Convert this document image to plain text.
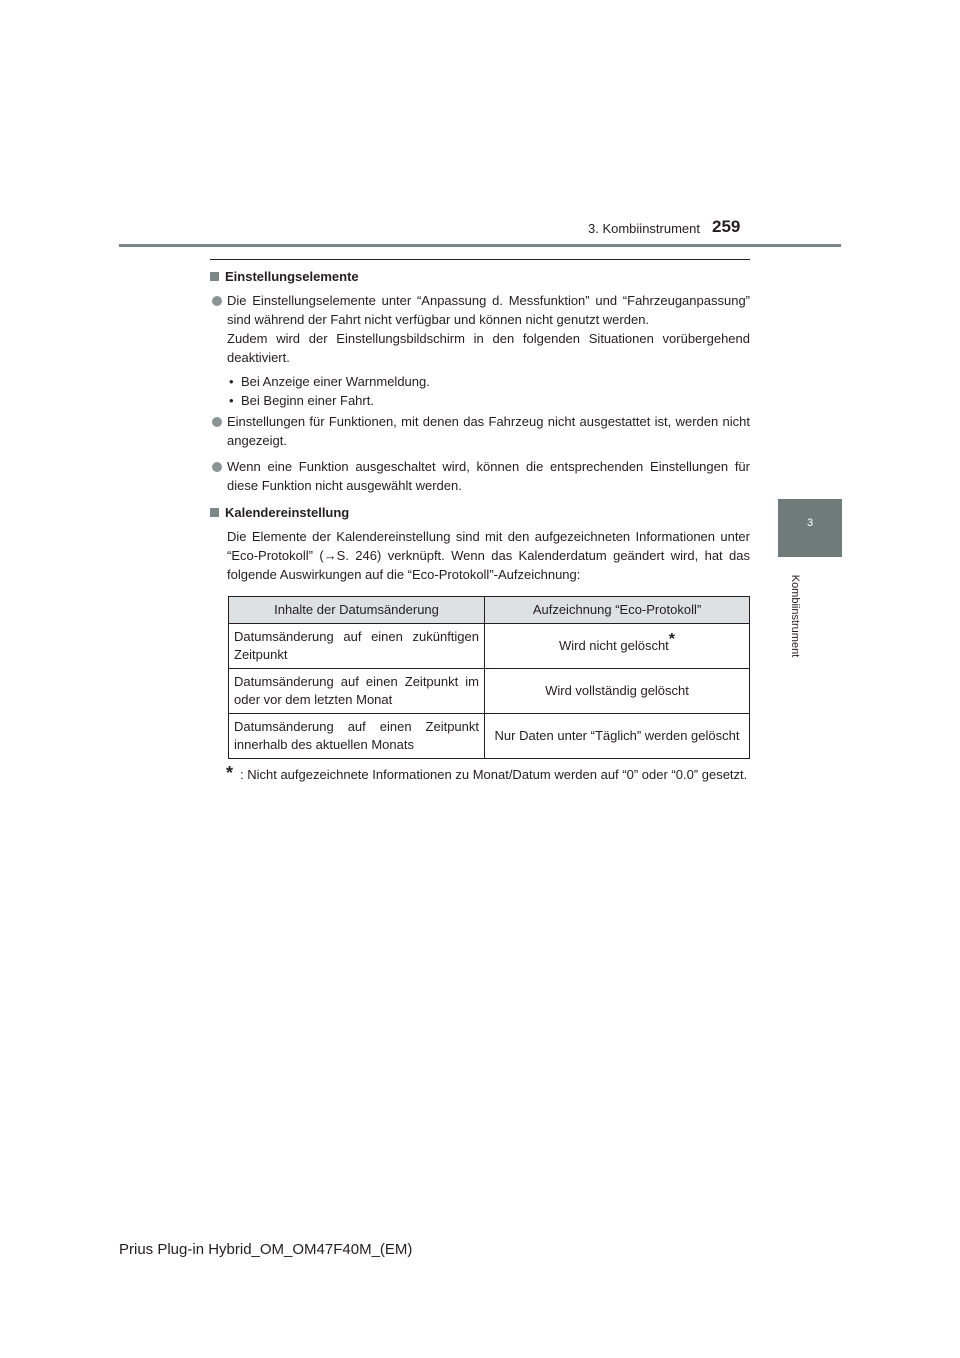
3. Kombiinstrument 259
3
Kombiinstrument
Einstellungselemente

Die Einstellungselemente unter “Anpassung d. Messfunktion” und “Fahrzeuganpassung” sind während der Fahrt nicht verfügbar und können nicht genutzt werden.

Zudem wird der Einstellungsbildschirm in den folgenden Situationen vorübergehend deaktiviert.

• Bei Anzeige einer Warnmeldung.
• Bei Beginn einer Fahrt.

Einstellungen für Funktionen, mit denen das Fahrzeug nicht ausgestattet ist, werden nicht angezeigt.

Wenn eine Funktion ausgeschaltet wird, können die entsprechenden Einstellungen für diese Funktion nicht ausgewählt werden.

Kalendereinstellung

Die Elemente der Kalendereinstellung sind mit den aufgezeichneten Informationen unter “Eco-Protokoll” (→S. 246) verknüpft. Wenn das Kalenderdatum geändert wird, hat das folgende Auswirkungen auf die “Eco-Protokoll”-Aufzeichnung:

Inhalte der Datumsänderung	Aufzeichnung “Eco-Protokoll”
Datumsänderung auf einen zukünftigen Zeitpunkt	Wird nicht gelöscht*
Datumsänderung auf einen Zeitpunkt im oder vor dem letzten Monat	Wird vollständig gelöscht
Datumsänderung auf einen Zeitpunkt innerhalb des aktuellen Monats	Nur Daten unter “Täglich” werden gelöscht
* : Nicht aufgezeichnete Informationen zu Monat/Datum werden auf “0” oder “0.0” gesetzt.
Prius Plug-in Hybrid_OM_OM47F40M_(EM)
